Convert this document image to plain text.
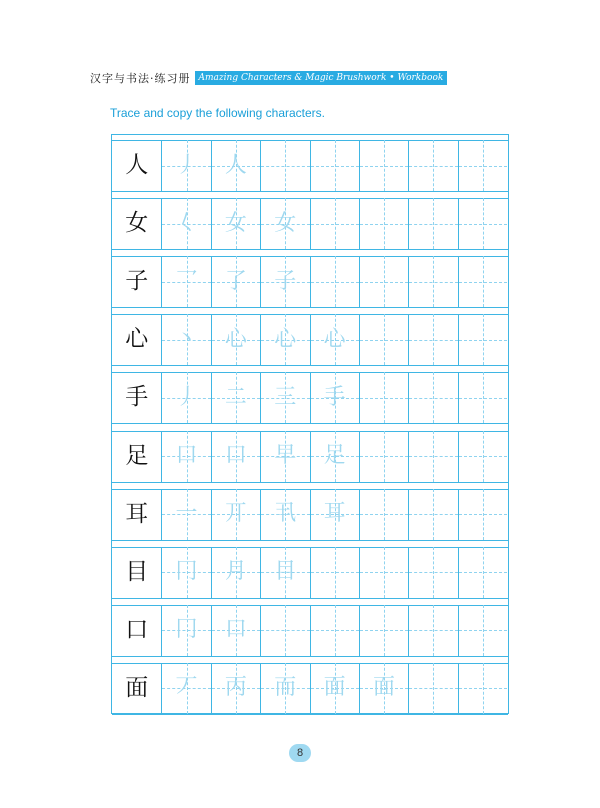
汉字与书法·练习册 Amazing Characters & Magic Brushwork • Workbook
Trace and copy the following characters.
人	丿	人
女	𡿨	女	女
子	乛	了	子
心	丶	心	心	心
手	丿	二	三	手
足	口	口	早	足
耳	一	丌	丮	耳
目	冂	月	目
口	冂	口
面	丆	丙	而	面	面
8
